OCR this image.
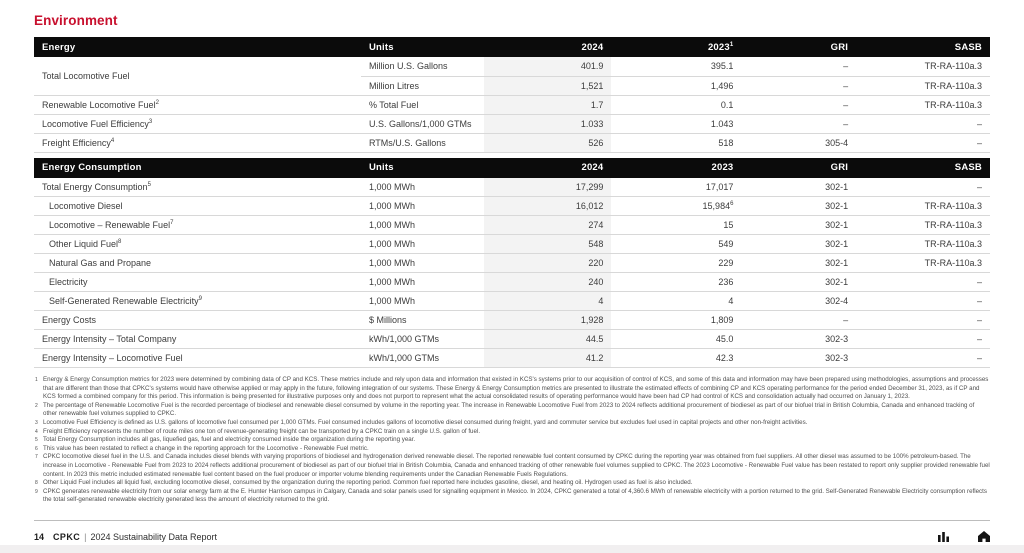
Environment
Energy	Units	2024	2023$^1$	GRI	SASB
Total Locomotive Fuel	Million U.S. Gallons	401.9	395.1	–	TR-RA-110a.3
	Million Litres	1,521	1,496	–	TR-RA-110a.3
Renewable Locomotive Fuel$^2$	% Total Fuel	1.7	0.1	–	TR-RA-110a.3
Locomotive Fuel Efficiency$^3$	U.S. Gallons/1,000 GTMs	1.033	1.043	–	–
Freight Efficiency$^4$	RTMs/U.S. Gallons	526	518	305-4	–
Energy Consumption	Units	2024	2023	GRI	SASB
Total Energy Consumption$^5$	1,000 MWh	17,299	17,017	302-1	–
Locomotive Diesel	1,000 MWh	16,012	15,984$^6$	302-1	TR-RA-110a.3
Locomotive – Renewable Fuel$^7$	1,000 MWh	274	15	302-1	TR-RA-110a.3
Other Liquid Fuel$^8$	1,000 MWh	548	549	302-1	TR-RA-110a.3
Natural Gas and Propane	1,000 MWh	220	229	302-1	TR-RA-110a.3
Electricity	1,000 MWh	240	236	302-1	–
Self-Generated Renewable Electricity$^9$	1,000 MWh	4	4	302-4	–
Energy Costs	$ Millions	1,928	1,809	–	–
Energy Intensity – Total Company	kWh/1,000 GTMs	44.5	45.0	302-3	–
Energy Intensity – Locomotive Fuel	kWh/1,000 GTMs	41.2	42.3	302-3	–
1 Energy & Energy Consumption metrics for 2023 were determined by combining data of CP and KCS. These metrics include and rely upon data and information that existed in KCS's systems prior to our acquisition of control of KCS, and some of this data and information may have been prepared using methodologies, assumptions and processes that are different than those that CPKC's systems would have otherwise applied or may apply in the future, following integration of our systems. These Energy & Energy Consumption metrics are presented to illustrate the estimated effects of combining CP and KCS operating performance for the period ended December 31, 2023, as if CP and KCS formed a combined company for this period. This information is being presented for illustrative purposes only and does not purport to represent what the actual consolidated results of operating performance would have been had CP had control of KCS and consolidation actually had occurred on January 1, 2023.
2 The percentage of Renewable Locomotive Fuel is the recorded percentage of biodiesel and renewable diesel consumed by volume in the reporting year. The increase in Renewable Locomotive Fuel from 2023 to 2024 reflects additional procurement of biodiesel as part of our biofuel trial in British Columbia, Canada and enhanced tracking of other renewable fuel volumes supplied to CPKC.
3 Locomotive Fuel Efficiency is defined as U.S. gallons of locomotive fuel consumed per 1,000 GTMs. Fuel consumed includes gallons of locomotive diesel consumed during freight, yard and commuter service but excludes fuel used in capital projects and other non-freight activities.
4 Freight Efficiency represents the number of route miles one ton of revenue-generating freight can be transported by a CPKC train on a single U.S. gallon of fuel.
5 Total Energy Consumption includes all gas, liquefied gas, fuel and electricity consumed inside the organization during the reporting year.
6 This value has been restated to reflect a change in the reporting approach for the Locomotive - Renewable Fuel metric.
7 CPKC locomotive diesel fuel in the U.S. and Canada includes diesel blends with varying proportions of biodiesel and hydrogenation derived renewable diesel. The reported renewable fuel content consumed by CPKC during the reporting year was obtained from fuel suppliers. All other diesel was assumed to be 100% petroleum-based. The increase in Locomotive - Renewable Fuel from 2023 to 2024 reflects additional procurement of biodiesel as part of our biofuel trial in British Columbia, Canada and enhanced tracking of other renewable fuel volumes supplied to CPKC. The 2023 Locomotive - Renewable Fuel value has been restated to report only supplier provided renewable fuel content. In 2023 this metric included estimated renewable fuel content based on the fuel producer or importer volume blending requirements under the Canadian Renewable Fuels Regulations.
8 Other Liquid Fuel includes all liquid fuel, excluding locomotive diesel, consumed by the organization during the reporting period. Common fuel reported here includes gasoline, diesel, and heating oil. Hydrogen used as fuel is also included.
9 CPKC generates renewable electricity from our solar energy farm at the E. Hunter Harrison campus in Calgary, Canada and solar panels used for signalling equipment in Mexico. In 2024, CPKC generated a total of 4,360.6 MWh of renewable electricity with a portion returned to the grid. Self-Generated Renewable Electricity consumption reflects the total self-generated renewable electricity generated less the amount of electricity returned to the grid.
14 CPKC | 2024 Sustainability Data Report
